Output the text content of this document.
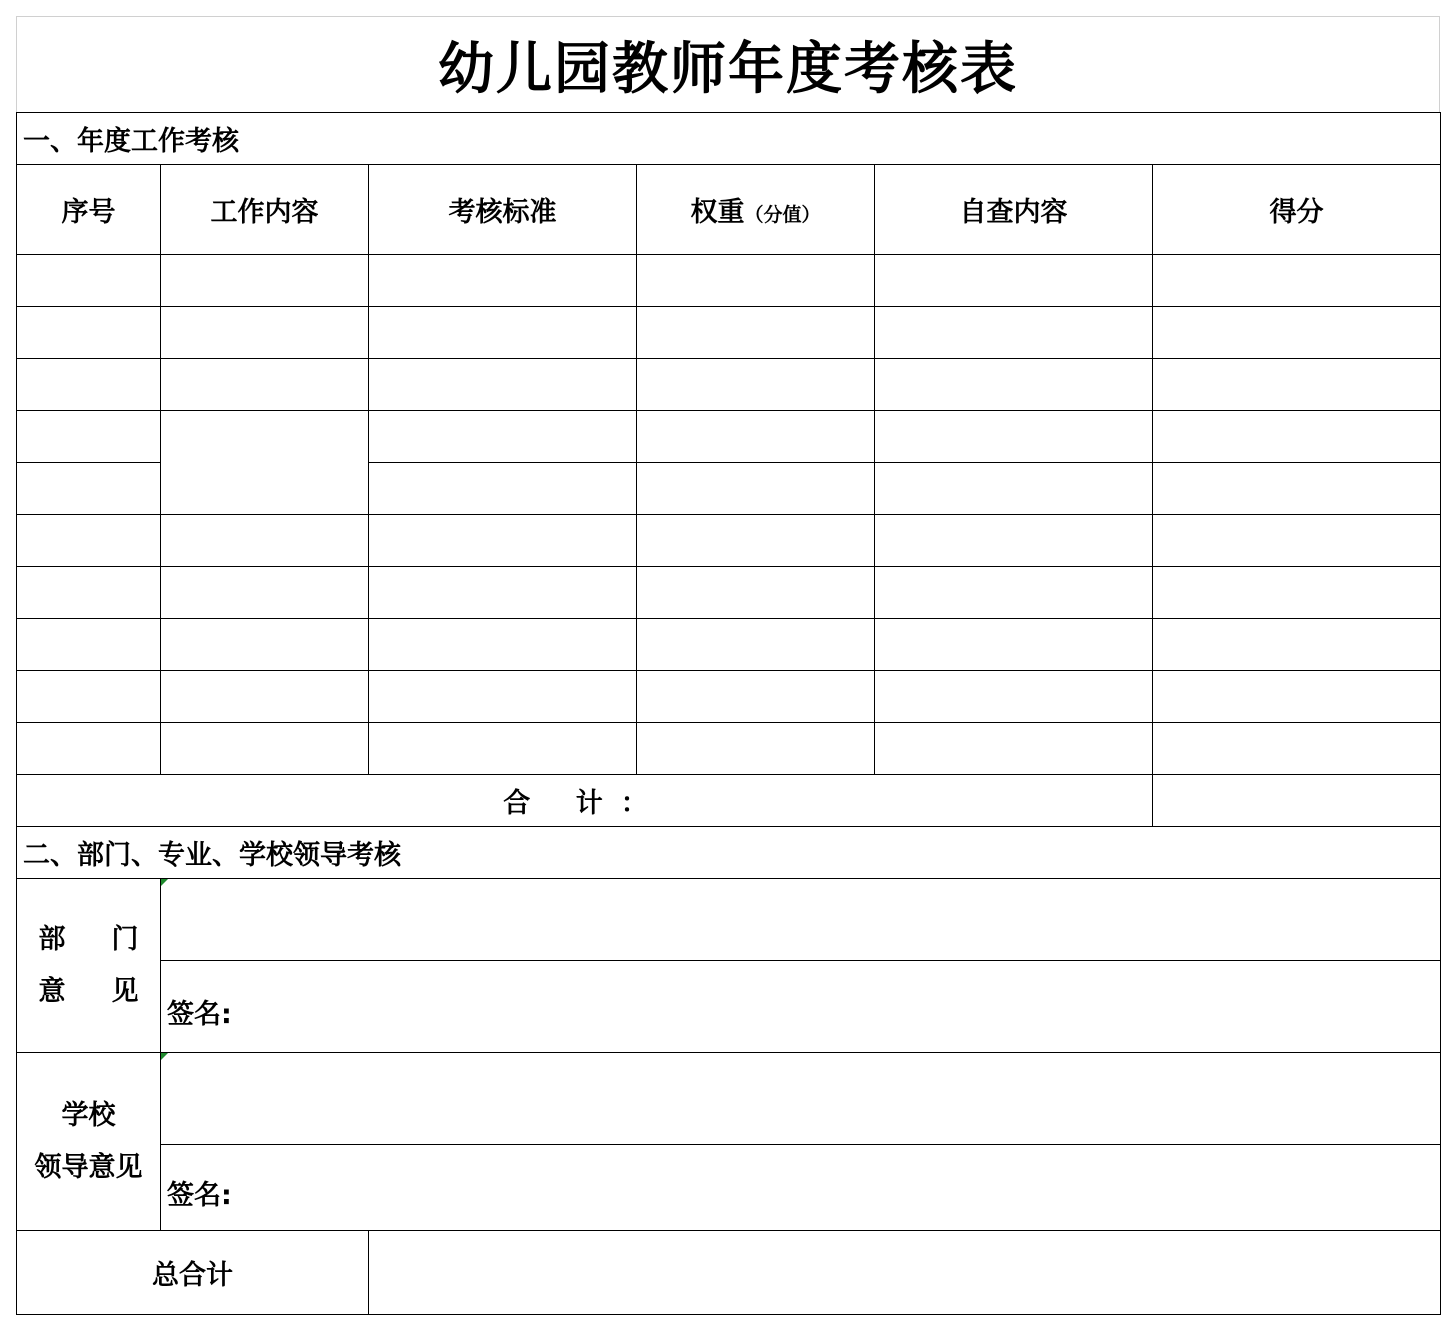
幼儿园教师年度考核表
一、年度工作考核					
序号	工作内容	考核标准	权重（分值）	自查内容	得分

合 计：					
二、部门、专业、学校领导考核					

部门
意见					

	签名:				

学校
领导意见					

	签名:				
总合计					
